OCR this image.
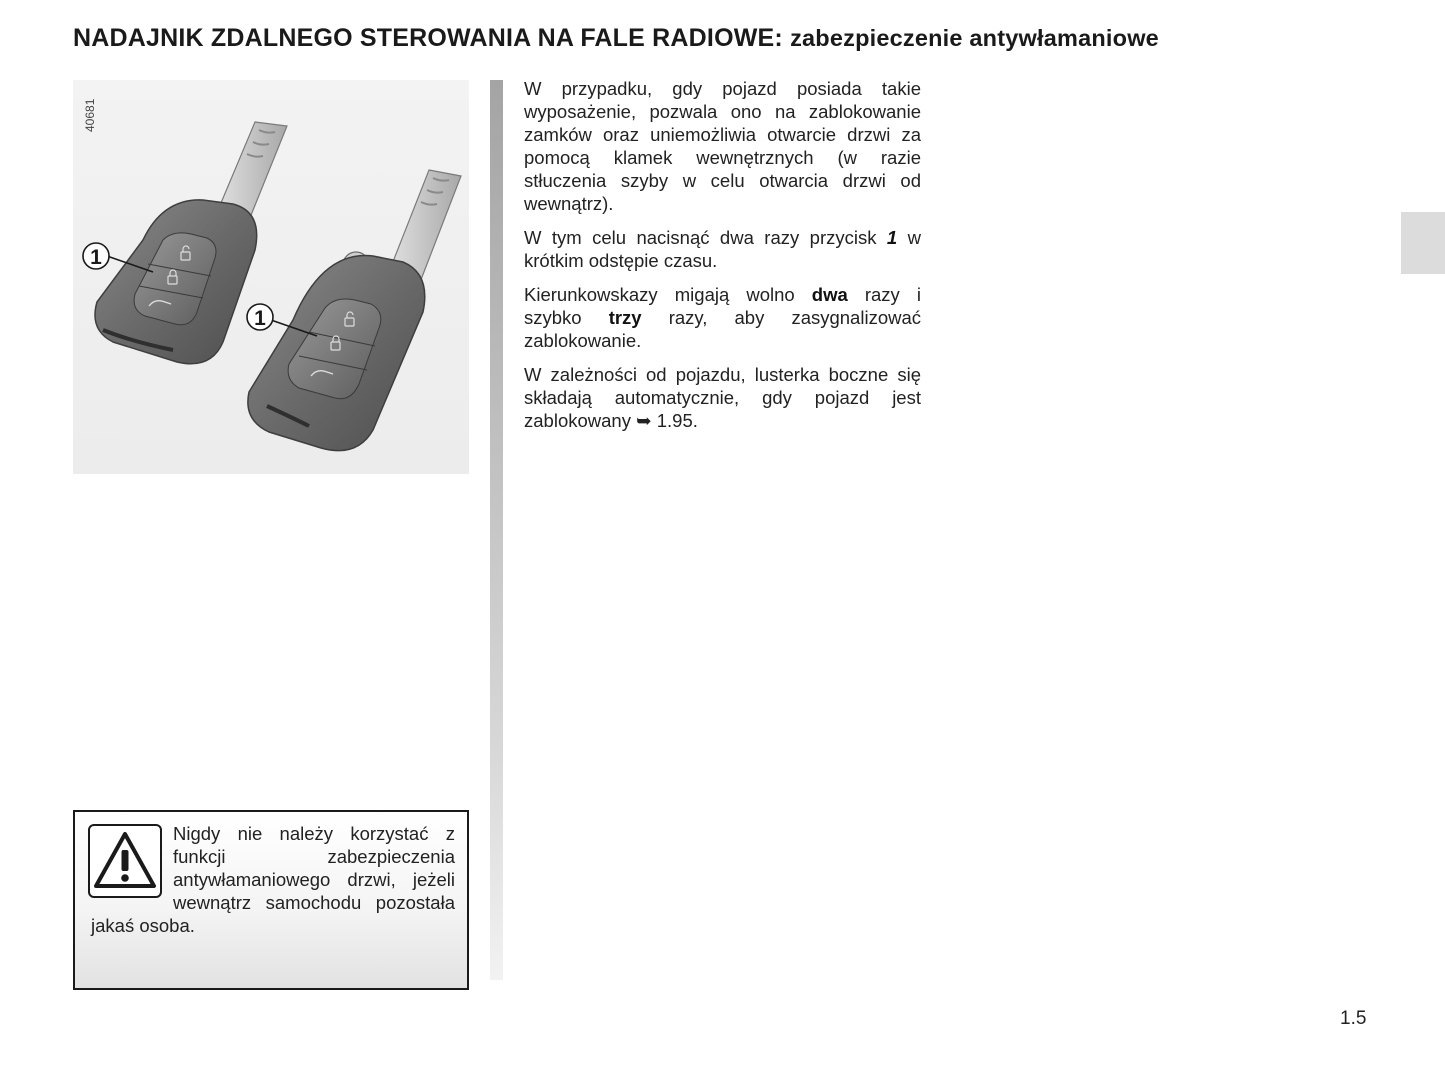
NADAJNIK ZDALNEGO STEROWANIA NA FALE RADIOWE: zabezpieczenie antywłamaniowe
40681
1
1

W przypadku, gdy pojazd posiada takie wyposażenie, pozwala ono na zablokowanie zamków oraz uniemożliwia otwarcie drzwi za pomocą klamek wewnętrznych (w razie stłuczenia szyby w celu otwarcia drzwi od wewnątrz).

W tym celu nacisnąć dwa razy przycisk 1 w krótkim odstępie czasu.

Kierunkowskazy migają wolno dwa razy i szybko trzy razy, aby zasygnalizować zablokowanie.

W zależności od pojazdu, lusterka boczne się składają automatycznie, gdy pojazd jest zablokowany ➥ 1.95.

Nigdy nie należy korzystać z funkcji zabezpieczenia antywłamaniowego drzwi, jeżeli wewnątrz samochodu pozostała jakaś osoba.

1.5
